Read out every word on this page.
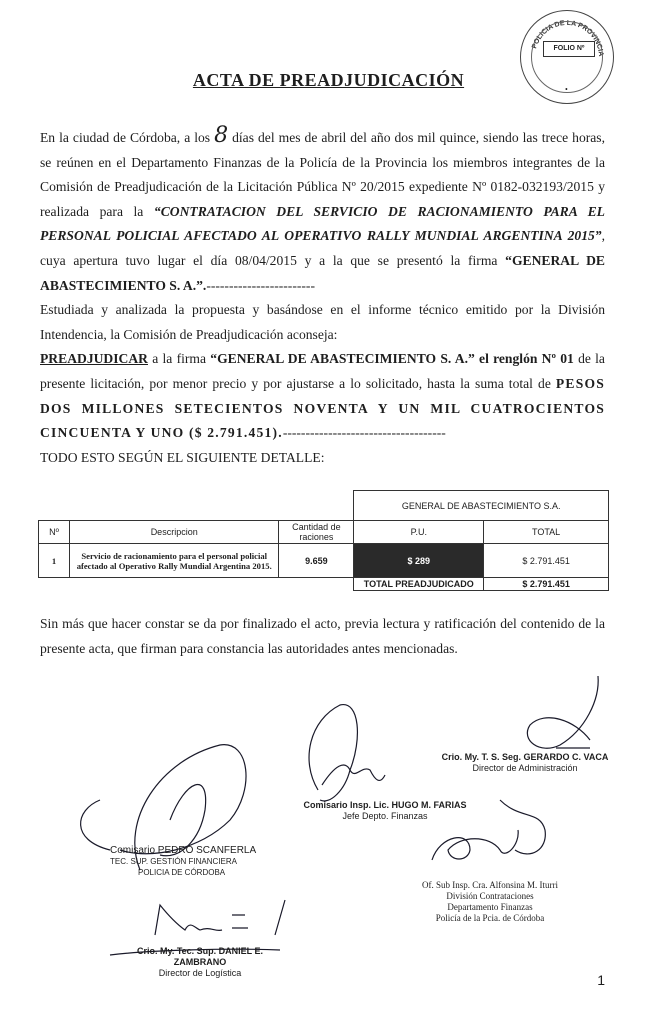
POLICIA DE LA PROVINCIA
FOLIO Nº
•
ACTA DE PREADJUDICACIÓN

En la ciudad de Córdoba, a los 8 días del mes de abril del año dos mil quince, siendo las trece horas, se reúnen en el Departamento Finanzas de la Policía de la Provincia los miembros integrantes de la Comisión de Preadjudicación de la Licitación Pública Nº 20/2015 expediente Nº 0182-032193/2015 y realizada para la “CONTRATACION DEL SERVICIO DE RACIONAMIENTO PARA EL PERSONAL POLICIAL AFECTADO AL OPERATIVO RALLY MUNDIAL ARGENTINA 2015”, cuya apertura tuvo lugar el día 08/04/2015 y a la que se presentó la firma “GENERAL DE ABASTECIMIENTO S. A.”.------------------------

Estudiada y analizada la propuesta y basándose en el informe técnico emitido por la División Intendencia, la Comisión de Preadjudicación aconseja:

PREADJUDICAR a la firma “GENERAL DE ABASTECIMIENTO S. A.” el renglón Nº 01 de la presente licitación, por menor precio y por ajustarse a lo solicitado, hasta la suma total de PESOS DOS MILLONES SETECIENTOS NOVENTA Y UN MIL CUATROCIENTOS CINCUENTA Y UNO ($ 2.791.451).------------------------------------

TODO ESTO SEGÚN EL SIGUIENTE DETALLE:

			GENERAL DE ABASTECIMIENTO S.A.	
Nº	Descripcion	Cantidad de raciones	P.U.	TOTAL
1	Servicio de racionamiento para el personal policial afectado al Operativo Rally Mundial Argentina 2015.	9.659	$ 289	$ 2.791.451
			TOTAL PREADJUDICADO	$ 2.791.451
Sin más que hacer constar se da por finalizado el acto, previa lectura y ratificación del contenido de la presente acta, que firman para constancia las autoridades antes mencionadas.
Crio. My. T. S. Seg. GERARDO C. VACA
Director de Administración
Comisario Insp. Lic. HUGO M. FARIAS
Jefe Depto. Finanzas
Comisario PEDRO SCANFERLA
TEC. SUP. GESTIÓN FINANCIERA
POLICIA DE CÓRDOBA
Of. Sub Insp. Cra. Alfonsina M. Iturri
División Contrataciones
Departamento Finanzas
Policía de la Pcia. de Córdoba
Crio. My. Tec. Sup. DANIEL E. ZAMBRANO
Director de Logística	1
